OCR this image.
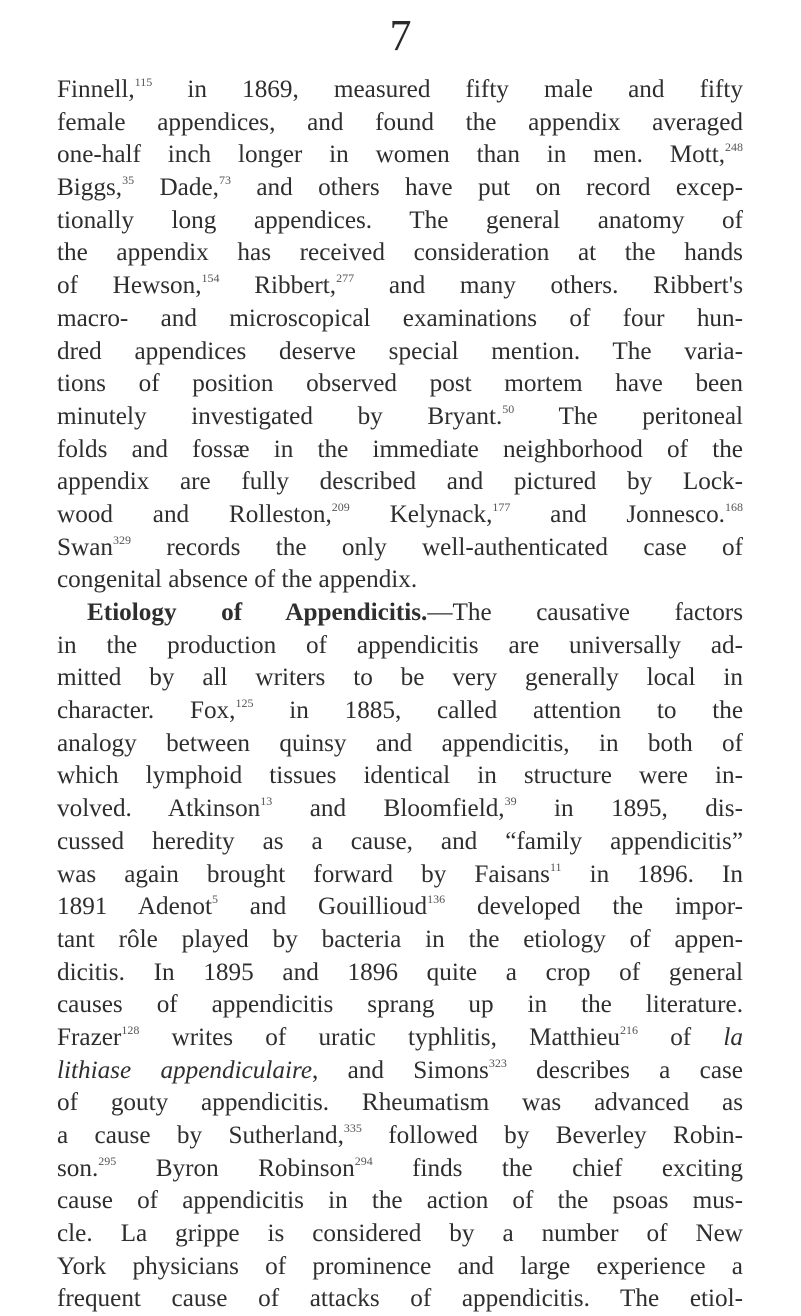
7
Finnell,$^{115}$ in 1869, measured fifty male and fifty
female appendices, and found the appendix averaged
one-half inch longer in women than in men. Mott,$^{248}$
Biggs,$^{35}$ Dade,$^{73}$ and others have put on record excep-
tionally long appendices. The general anatomy of
the appendix has received consideration at the hands
of Hewson,$^{154}$ Ribbert,$^{277}$ and many others. Ribbert's
macro- and microscopical examinations of four hun-
dred appendices deserve special mention. The varia-
tions of position observed post mortem have been
minutely investigated by Bryant.$^{50}$ The peritoneal
folds and fossæ in the immediate neighborhood of the
appendix are fully described and pictured by Lock-
wood and Rolleston,$^{209}$ Kelynack,$^{177}$ and Jonnesco.$^{168}$
Swan$^{329}$ records the only well-authenticated case of
congenital absence of the appendix.
Etiology of Appendicitis.—The causative factors
in the production of appendicitis are universally ad-
mitted by all writers to be very generally local in
character. Fox,$^{125}$ in 1885, called attention to the
analogy between quinsy and appendicitis, in both of
which lymphoid tissues identical in structure were in-
volved. Atkinson$^{13}$ and Bloomfield,$^{39}$ in 1895, dis-
cussed heredity as a cause, and “family appendicitis”
was again brought forward by Faisans$^{11}$ in 1896. In
1891 Adenot$^5$ and Gouillioud$^{136}$ developed the impor-
tant rôle played by bacteria in the etiology of appen-
dicitis. In 1895 and 1896 quite a crop of general
causes of appendicitis sprang up in the literature.
Frazer$^{128}$ writes of uratic typhlitis, Matthieu$^{216}$ of la
lithiase appendiculaire, and Simons$^{323}$ describes a case
of gouty appendicitis. Rheumatism was advanced as
a cause by Sutherland,$^{335}$ followed by Beverley Robin-
son.$^{295}$ Byron Robinson$^{294}$ finds the chief exciting
cause of appendicitis in the action of the psoas mus-
cle. La grippe is considered by a number of New
York physicians of prominence and large experience a
frequent cause of attacks of appendicitis. The etiol-
